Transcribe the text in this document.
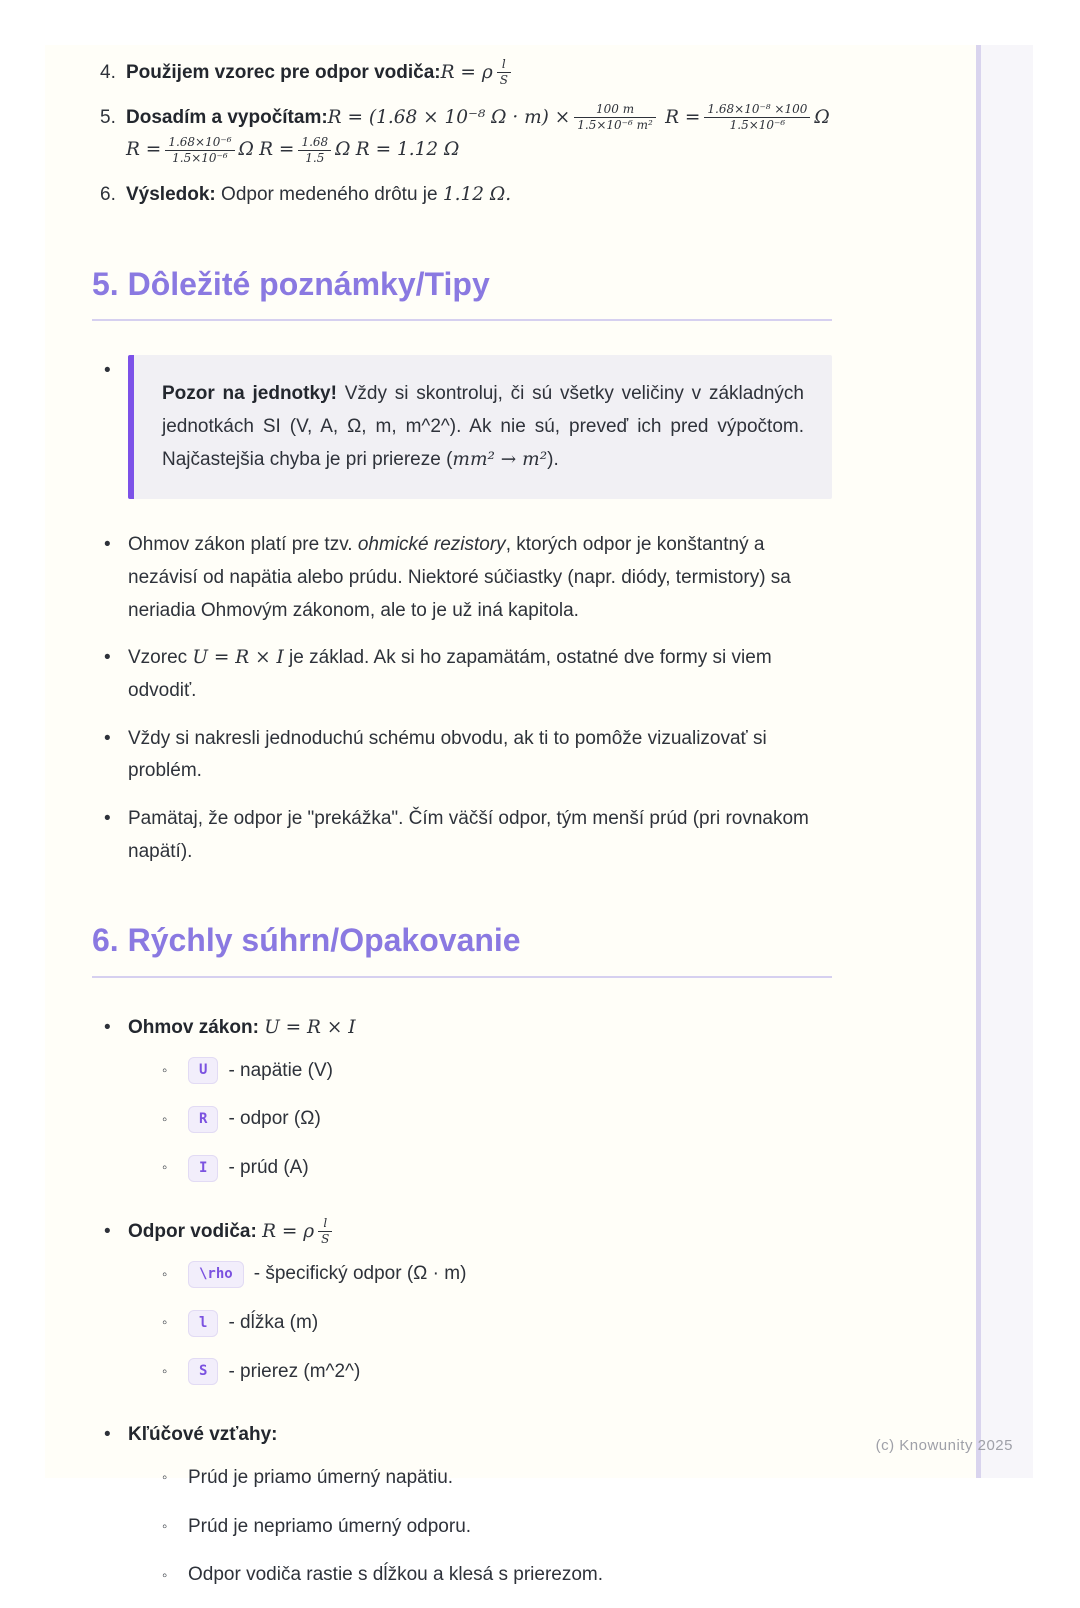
4. Použijem vzorec pre odpor vodiča:R = ρ $\frac{l}{S}$
5. Dosadím a vypočítam:R = (1.68 × 10⁻⁸ $\Omega \cdot m) \times \frac{100 m}{\text{1.5×10⁻⁶ m²}}$ $R = \frac{\text{1.68×10⁻⁸ ×100}}{\text{1.5×10⁻⁶}}$ Ω
$R = \frac{\text{1.68×10⁻⁶}}{\text{1.5×10⁻⁶}}$ Ω $R = \frac{1.68}{1.5}$ Ω R = 1.12 Ω
6. Výsledok: Odpor medeného drôtu je 1.12 Ω.
5. Dôležité poznámky/Tipy
•

Pozor na jednotky! Vždy si skontroluj, či sú všetky veličiny v základných jednotkách SI (V, A, Ω, m, m^2^). Ak nie sú, preveď ich pred výpočtom. Najčastejšia chyba je pri priereze (mm² → m²).

• Ohmov zákon platí pre tzv. ohmické rezistory, ktorých odpor je konštantný a nezávisí od napätia alebo prúdu. Niektoré súčiastky (napr. diódy, termistory) sa neriadia Ohmovým zákonom, ale to je už iná kapitola.
• Vzorec U = R × I je základ. Ak si ho zapamätám, ostatné dve formy si viem odvodiť.
• Vždy si nakresli jednoduchú schému obvodu, ak ti to pomôže vizualizovať si problém.
• Pamätaj, že odpor je "prekážka". Čím väčší odpor, tým menší prúd (pri rovnakom napätí).
6. Rýchly súhrn/Opakovanie
• Ohmov zákon: U = R × I
◦	U	- napätie (V)
◦	R	- odpor (Ω)
◦	I	- prúd (A)
• Odpor vodiča: R = ρ $\frac{l}{S}$
◦	\rho	- špecifický odpor (Ω · m)
◦	l	- dĺžka (m)
◦	S	- prierez (m^2^)
• Kľúčové vzťahy:
◦	Prúd je priamo úmerný napätiu.
◦	Prúd je nepriamo úmerný odporu.
◦	Odpor vodiča rastie s dĺžkou a klesá s prierezom.
(c) Knowunity 2025
